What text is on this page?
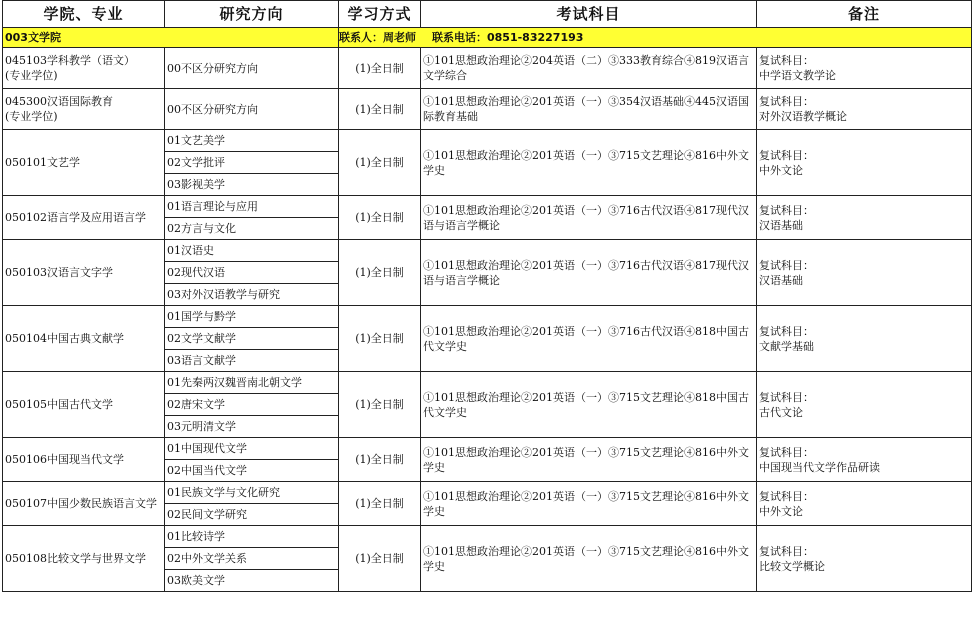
学院、专业	研究方向	学习方式	考试科目	备注
003文学院		联系人：周老师 联系电话：0851-83227193		
045103学科教学（语文）
(专业学位)	00不区分研究方向	(1)全日制	①101思想政治理论②204英语（二）③333教育综合④819汉语言文学综合	复试科目：
中学语文教学论
045300汉语国际教育
(专业学位)	00不区分研究方向	(1)全日制	①101思想政治理论②201英语（一）③354汉语基础④445汉语国际教育基础	复试科目：
对外汉语教学概论
050101文艺学	01文艺美学	(1)全日制	①101思想政治理论②201英语（一）③715文艺理论④816中外文学史	复试科目：
中外文论
	02文学批评			
	03影视美学			
050102语言学及应用语言学	01语言理论与应用	(1)全日制	①101思想政治理论②201英语（一）③716古代汉语④817现代汉语与语言学概论	复试科目：
汉语基础
	02方言与文化			
050103汉语言文字学	01汉语史	(1)全日制	①101思想政治理论②201英语（一）③716古代汉语④817现代汉语与语言学概论	复试科目：
汉语基础
	02现代汉语			
	03对外汉语教学与研究			
050104中国古典文献学	01国学与黔学	(1)全日制	①101思想政治理论②201英语（一）③716古代汉语④818中国古代文学史	复试科目：
文献学基础
	02文学文献学			
	03语言文献学			
050105中国古代文学	01先秦两汉魏晋南北朝文学	(1)全日制	①101思想政治理论②201英语（一）③715文艺理论④818中国古代文学史	复试科目：
古代文论
	02唐宋文学			
	03元明清文学			
050106中国现当代文学	01中国现代文学	(1)全日制	①101思想政治理论②201英语（一）③715文艺理论④816中外文学史	复试科目：
中国现当代文学作品研读
	02中国当代文学			
050107中国少数民族语言文学	01民族文学与文化研究	(1)全日制	①101思想政治理论②201英语（一）③715文艺理论④816中外文学史	复试科目：
中外文论
	02民间文学研究			
050108比较文学与世界文学	01比较诗学	(1)全日制	①101思想政治理论②201英语（一）③715文艺理论④816中外文学史	复试科目：
比较文学概论
	02中外文学关系			
	03欧美文学			
